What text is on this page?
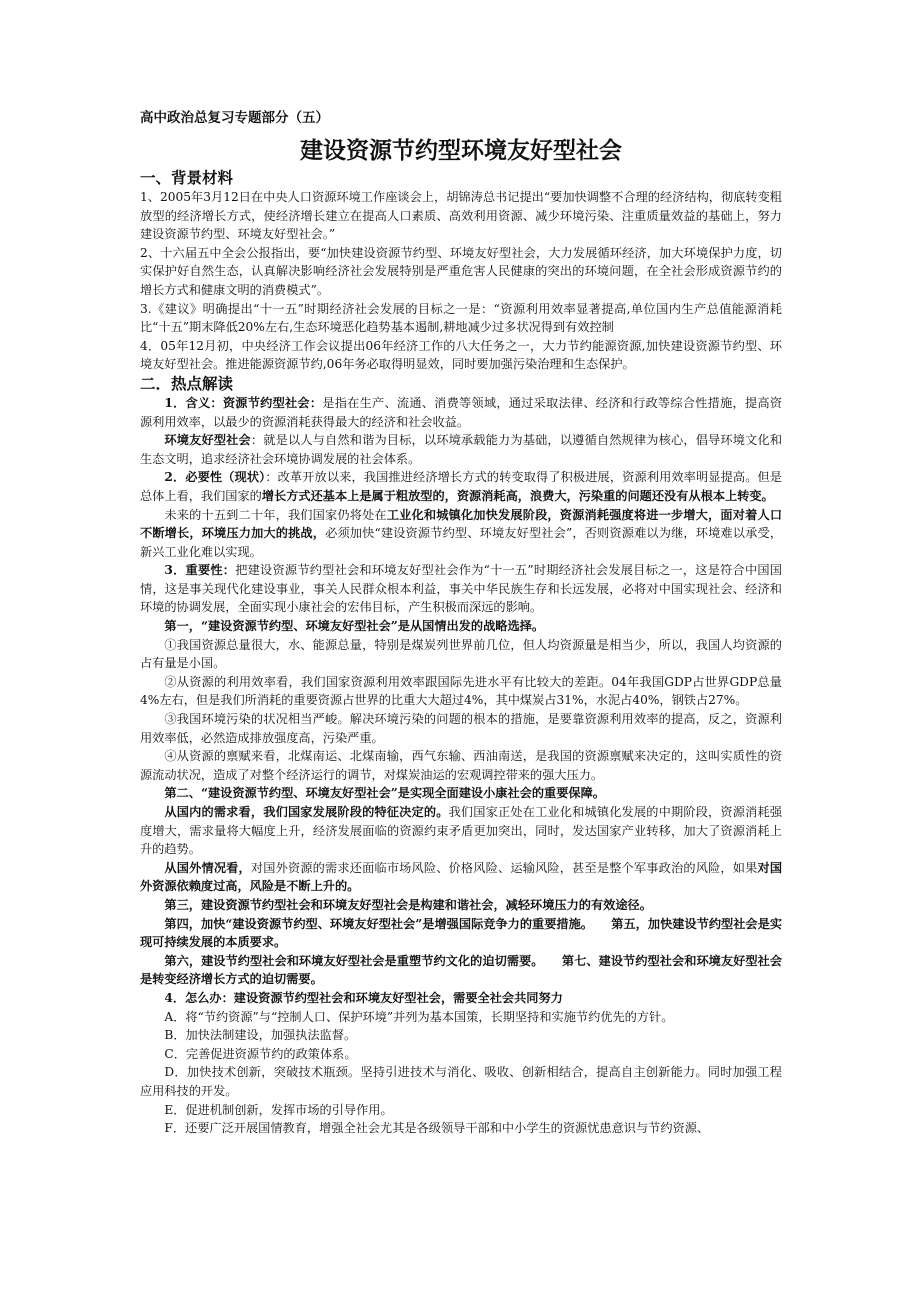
高中政治总复习专题部分（五）
建设资源节约型环境友好型社会
一、背景材料

1、2005年3月12日在中央人口资源环境工作座谈会上，胡锦涛总书记提出“要加快调整不合理的经济结构，彻底转变粗放型的经济增长方式，使经济增长建立在提高人口素质、高效利用资源、减少环境污染、注重质量效益的基础上，努力建设资源节约型、环境友好型社会。”

2、十六届五中全会公报指出，要“加快建设资源节约型、环境友好型社会，大力发展循环经济，加大环境保护力度，切实保护好自然生态，认真解决影响经济社会发展特别是严重危害人民健康的突出的环境问题，在全社会形成资源节约的增长方式和健康文明的消费模式”。

3.《建议》明确提出“十一五”时期经济社会发展的目标之一是：“资源利用效率显著提高,单位国内生产总值能源消耗比“十五”期末降低20%左右,生态环境恶化趋势基本遏制,耕地减少过多状况得到有效控制

4．05年12月初，中央经济工作会议提出06年经济工作的八大任务之一，大力节约能源资源,加快建设资源节约型、环境友好型社会。推进能源资源节约,06年务必取得明显效，同时要加强污染治理和生态保护。

二．热点解读

1．含义：资源节约型社会：是指在生产、流通、消费等领域，通过采取法律、经济和行政等综合性措施，提高资源利用效率，以最少的资源消耗获得最大的经济和社会收益。

环境友好型社会：就是以人与自然和谐为目标，以环境承载能力为基础，以遵循自然规律为核心，倡导环境文化和生态文明，追求经济社会环境协调发展的社会体系。

2．必要性（现状）：改革开放以来，我国推进经济增长方式的转变取得了积极进展，资源利用效率明显提高。但是总体上看，我们国家的增长方式还基本上是属于粗放型的，资源消耗高，浪费大，污染重的问题还没有从根本上转变。

未来的十五到二十年，我们国家仍将处在工业化和城镇化加快发展阶段，资源消耗强度将进一步增大，面对着人口不断增长，环境压力加大的挑战，必须加快“建设资源节约型、环境友好型社会”，否则资源难以为继，环境难以承受，新兴工业化难以实现。

3．重要性：把建设资源节约型社会和环境友好型社会作为“十一五”时期经济社会发展目标之一，这是符合中国国情，这是事关现代化建设事业，事关人民群众根本利益，事关中华民族生存和长远发展，必将对中国实现社会、经济和环境的协调发展，全面实现小康社会的宏伟目标，产生积极而深远的影响。

第一，“建设资源节约型、环境友好型社会”是从国情出发的战略选择。

①我国资源总量很大，水、能源总量，特别是煤炭列世界前几位，但人均资源量是相当少，所以，我国人均资源的占有量是小国。

②从资源的利用效率看，我们国家资源利用效率跟国际先进水平有比较大的差距。04年我国GDP占世界GDP总量4%左右，但是我们所消耗的重要资源占世界的比重大大超过4%，其中煤炭占31%，水泥占40%，钢铁占27%。

③我国环境污染的状况相当严峻。解决环境污染的问题的根本的措施，是要靠资源利用效率的提高，反之，资源利用效率低，必然造成排放强度高，污染严重。

④从资源的禀赋来看，北煤南运、北煤南输，西气东输、西油南送，是我国的资源禀赋来决定的，这叫实质性的资源流动状况，造成了对整个经济运行的调节，对煤炭油运的宏观调控带来的强大压力。

第二、“建设资源节约型、环境友好型社会”是实现全面建设小康社会的重要保障。

从国内的需求看，我们国家发展阶段的特征决定的。我们国家正处在工业化和城镇化发展的中期阶段，资源消耗强度增大，需求量将大幅度上升，经济发展面临的资源约束矛盾更加突出，同时，发达国家产业转移，加大了资源消耗上升的趋势。

从国外情况看，对国外资源的需求还面临市场风险、价格风险、运输风险，甚至是整个军事政治的风险，如果对国外资源依赖度过高，风险是不断上升的。

第三，建设资源节约型社会和环境友好型社会是构建和谐社会，减轻环境压力的有效途径。

第四，加快“建设资源节约型、环境友好型社会”是增强国际竞争力的重要措施。　　 第五，加快建设节约型社会是实现可持续发展的本质要求。

第六，建设节约型社会和环境友好型社会是重塑节约文化的迫切需要。　　 第七、建设节约型社会和环境友好型社会是转变经济增长方式的迫切需要。

4．怎么办：建设资源节约型社会和环境友好型社会，需要全社会共同努力

A．将“节约资源”与“控制人口、保护环境”并列为基本国策，长期坚持和实施节约优先的方针。

B．加快法制建设，加强执法监督。

C．完善促进资源节约的政策体系。

D．加快技术创新，突破技术瓶颈。坚持引进技术与消化、吸收、创新相结合，提高自主创新能力。同时加强工程应用科技的开发。

E．促进机制创新，发挥市场的引导作用。

F．还要广泛开展国情教育，增强全社会尤其是各级领导干部和中小学生的资源忧患意识与节约资源、
